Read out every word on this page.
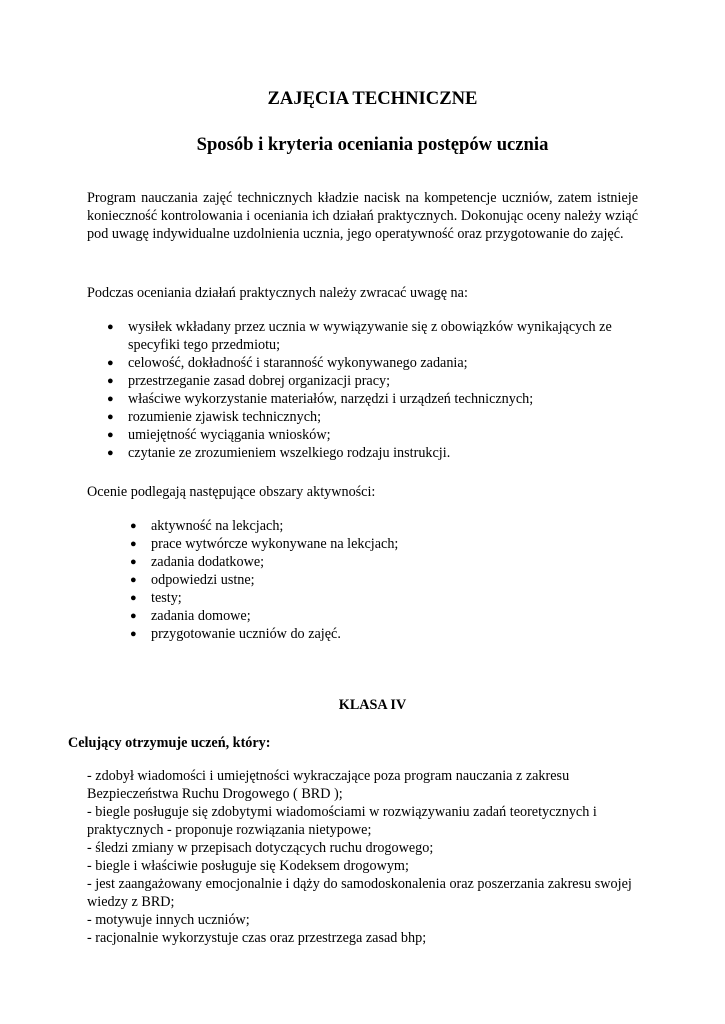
ZAJĘCIA TECHNICZNE
Sposób i kryteria oceniania postępów ucznia

Program nauczania zajęć technicznych kładzie nacisk na kompetencje uczniów, zatem istnieje konieczność kontrolowania i oceniania ich działań praktycznych. Dokonując oceny należy wziąć pod uwagę indywidualne uzdolnienia ucznia, jego operatywność oraz przygotowanie do zajęć.

Podczas oceniania działań praktycznych należy zwracać uwagę na:

● wysiłek wkładany przez ucznia w wywiązywanie się z obowiązków wynikających ze specyfiki tego przedmiotu;
● celowość, dokładność i staranność wykonywanego zadania;
● przestrzeganie zasad dobrej organizacji pracy;
● właściwe wykorzystanie materiałów, narzędzi i urządzeń technicznych;
● rozumienie zjawisk technicznych;
● umiejętność wyciągania wniosków;
● czytanie ze zrozumieniem wszelkiego rodzaju instrukcji.

Ocenie podlegają następujące obszary aktywności:

● aktywność na lekcjach;
● prace wytwórcze wykonywane na lekcjach;
● zadania dodatkowe;
● odpowiedzi ustne;
● testy;
● zadania domowe;
● przygotowanie uczniów do zajęć.
KLASA IV
Celujący otrzymuje uczeń, który:
- zdobył wiadomości i umiejętności wykraczające poza program nauczania z zakresu Bezpieczeństwa Ruchu Drogowego ( BRD );
- biegle posługuje się zdobytymi wiadomościami w rozwiązywaniu zadań teoretycznych i praktycznych - proponuje rozwiązania nietypowe;
- śledzi zmiany w przepisach dotyczących ruchu drogowego;
- biegle i właściwie posługuje się Kodeksem drogowym;
- jest zaangażowany emocjonalnie i dąży do samodoskonalenia oraz poszerzania zakresu swojej wiedzy z BRD;
- motywuje innych uczniów;
- racjonalnie wykorzystuje czas oraz przestrzega zasad bhp;
